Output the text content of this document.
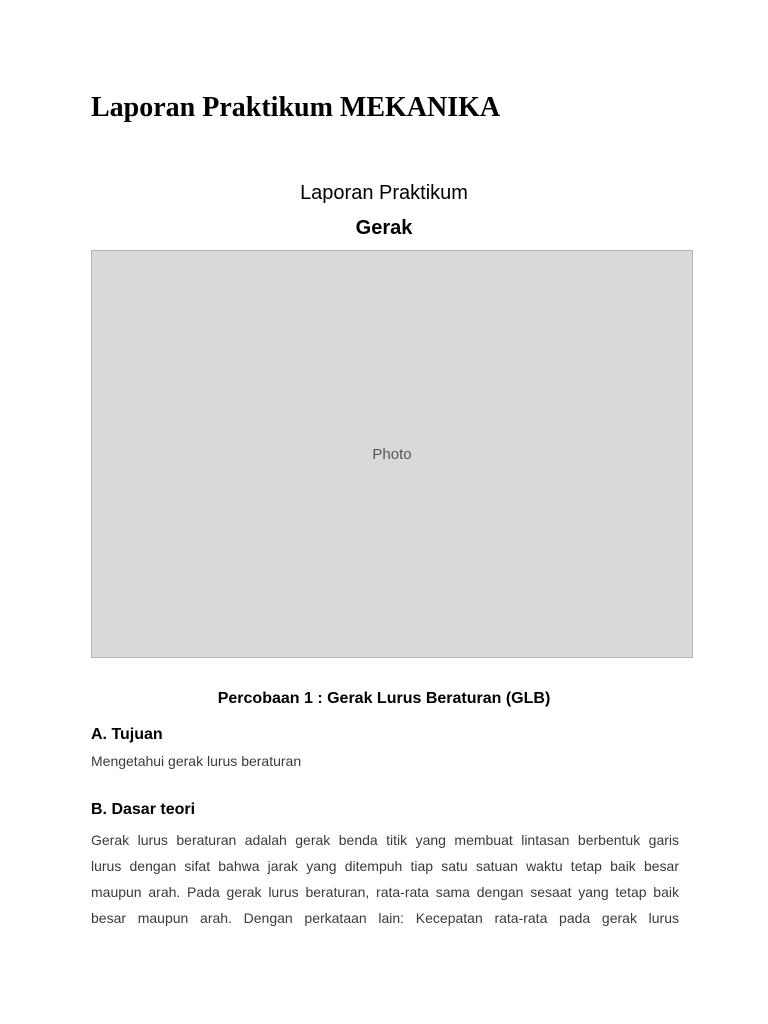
Laporan Praktikum MEKANIKA
Laporan Praktikum
Gerak
Photo
Percobaan 1 : Gerak Lurus Beraturan (GLB)
A. Tujuan
Mengetahui gerak lurus beraturan
B. Dasar teori
Gerak lurus beraturan adalah gerak benda titik yang membuat lintasan berbentuk garis
lurus dengan sifat bahwa jarak yang ditempuh tiap satu satuan waktu tetap baik besar
maupun arah. Pada gerak lurus beraturan, rata-rata sama dengan sesaat yang tetap baik
besar maupun arah. Dengan perkataan lain: Kecepatan rata-rata pada gerak lurus
